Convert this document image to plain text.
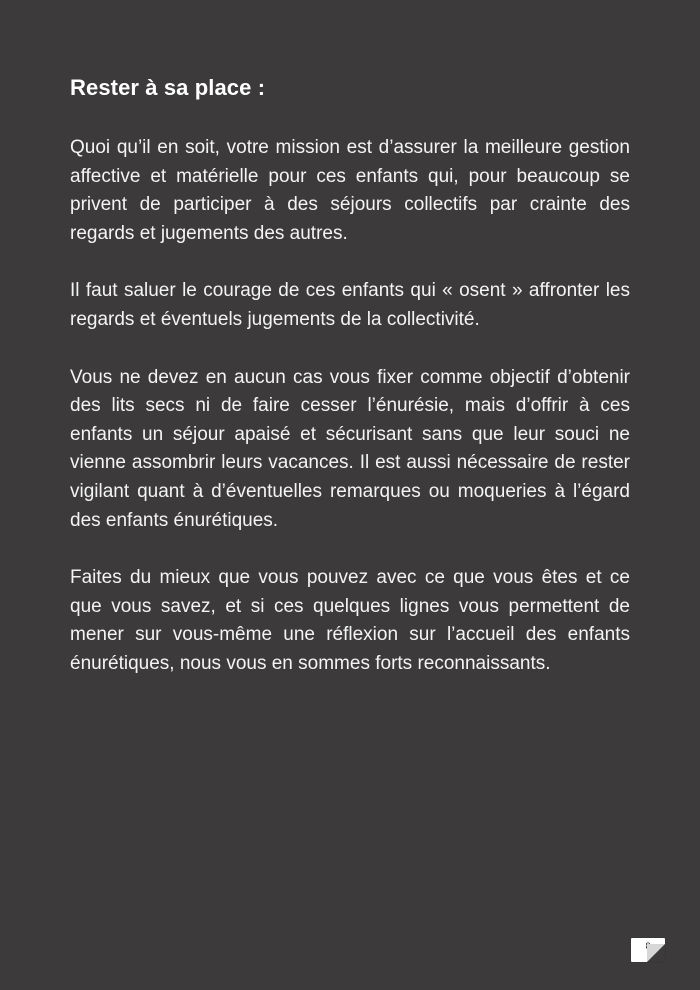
Rester à sa place :

Quoi qu’il en soit, votre mission est d’assurer la meilleure gestion affective et matérielle pour ces enfants qui, pour beaucoup se privent de participer à des séjours collectifs par crainte des regards et jugements des autres.

Il faut saluer le courage de ces enfants qui « osent » affronter les regards et éventuels jugements de la collectivité.

Vous ne devez en aucun cas vous fixer comme objectif d’obtenir des lits secs ni de faire cesser l’énurésie, mais d’offrir à ces enfants un séjour apaisé et sécurisant sans que leur souci ne vienne assombrir leurs vacances. Il est aussi nécessaire de rester vigilant quant à d’éventuelles remarques ou moqueries à l’égard des enfants énurétiques.

Faites du mieux que vous pouvez avec ce que vous êtes et ce que vous savez, et si ces quelques lignes vous permettent de mener sur vous-même une réflexion sur l’accueil des enfants énurétiques, nous vous en sommes forts reconnaissants.

8
